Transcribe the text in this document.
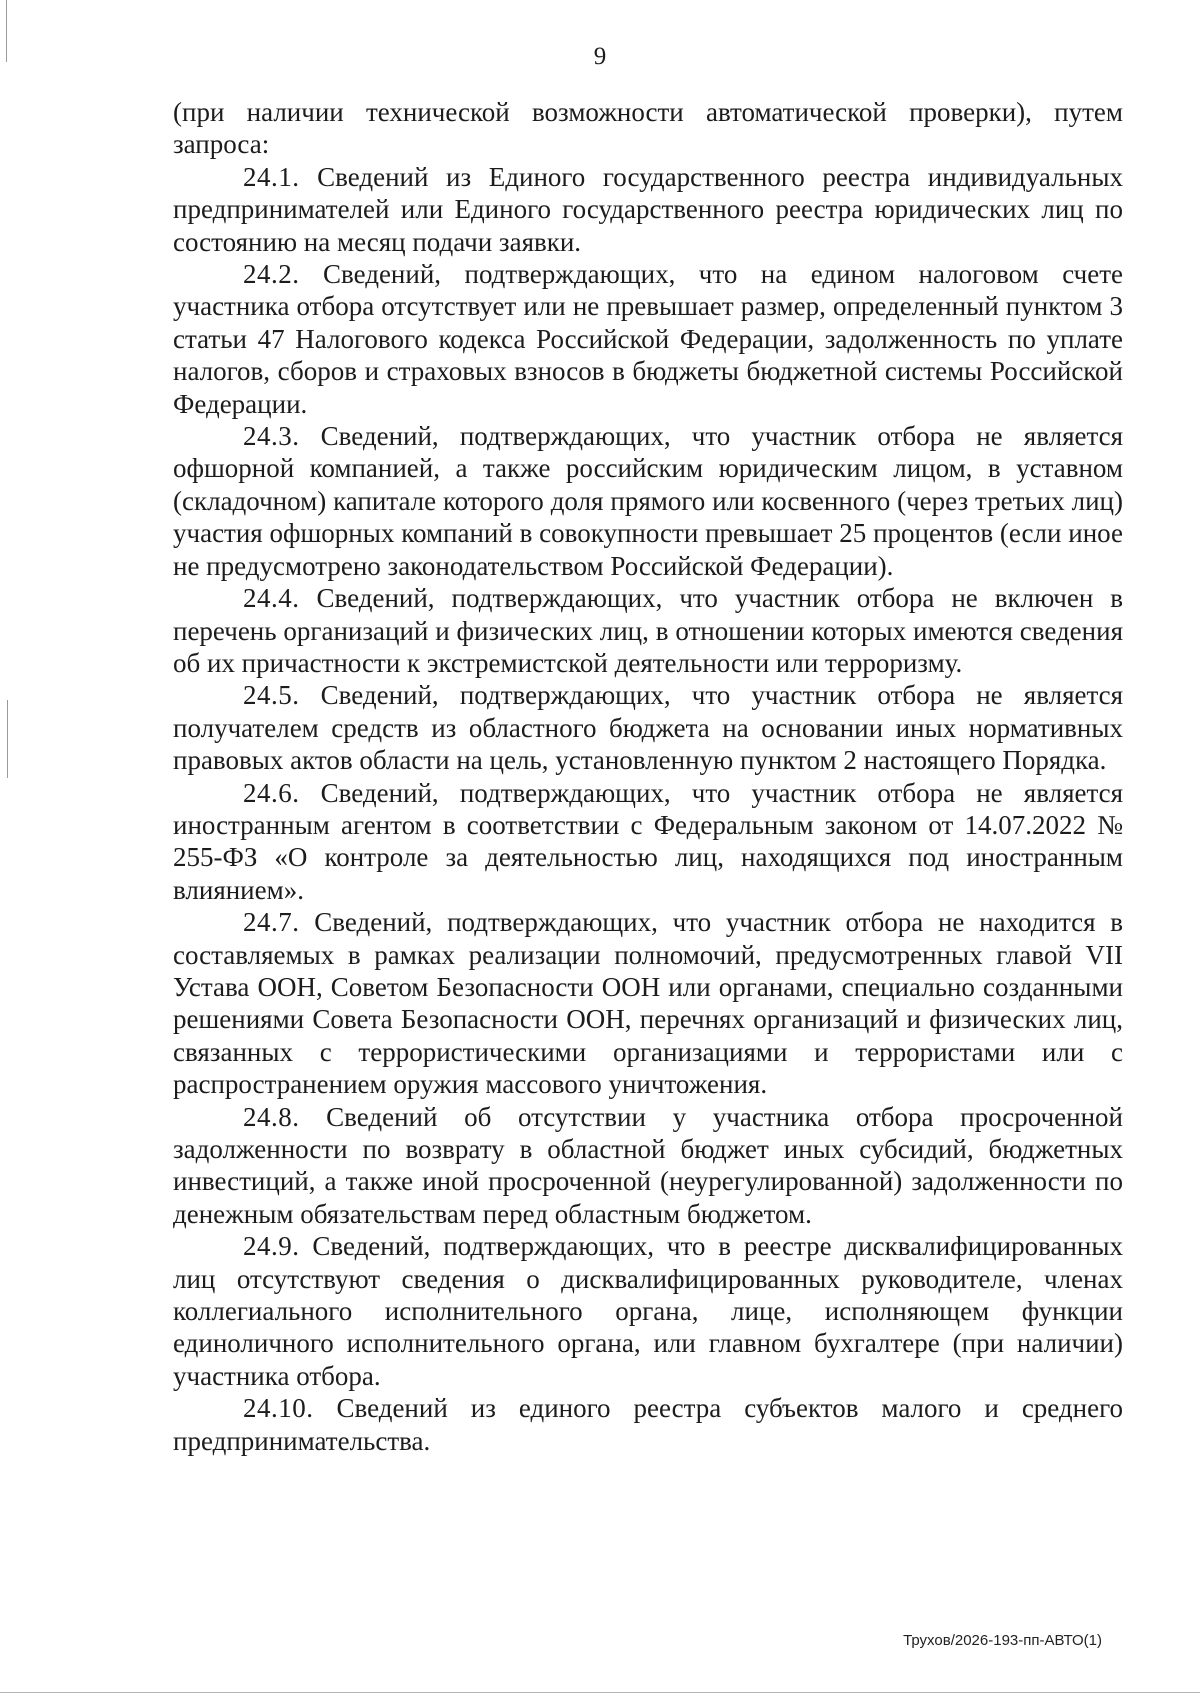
9

(при наличии технической возможности автоматической проверки), путем запроса:

24.1. Сведений из Единого государственного реестра индивидуальных предпринимателей или Единого государственного реестра юридических лиц по состоянию на месяц подачи заявки.

24.2. Сведений, подтверждающих, что на едином налоговом счете участника отбора отсутствует или не превышает размер, определенный пунктом 3 статьи 47 Налогового кодекса Российской Федерации, задолженность по уплате налогов, сборов и страховых взносов в бюджеты бюджетной системы Российской Федерации.

24.3. Сведений, подтверждающих, что участник отбора не является офшорной компанией, а также российским юридическим лицом, в уставном (складочном) капитале которого доля прямого или косвенного (через третьих лиц) участия офшорных компаний в совокупности превышает 25 процентов (если иное не предусмотрено законодательством Российской Федерации).

24.4. Сведений, подтверждающих, что участник отбора не включен в перечень организаций и физических лиц, в отношении которых имеются сведения об их причастности к экстремистской деятельности или терроризму.

24.5. Сведений, подтверждающих, что участник отбора не является получателем средств из областного бюджета на основании иных нормативных правовых актов области на цель, установленную пунктом 2 настоящего Порядка.

24.6. Сведений, подтверждающих, что участник отбора не является иностранным агентом в соответствии с Федеральным законом от 14.07.2022 № 255-ФЗ «О контроле за деятельностью лиц, находящихся под иностранным влиянием».

24.7. Сведений, подтверждающих, что участник отбора не находится в составляемых в рамках реализации полномочий, предусмотренных главой VII Устава ООН, Советом Безопасности ООН или органами, специально созданными решениями Совета Безопасности ООН, перечнях организаций и физических лиц, связанных с террористическими организациями и террористами или с распространением оружия массового уничтожения.

24.8. Сведений об отсутствии у участника отбора просроченной задолженности по возврату в областной бюджет иных субсидий, бюджетных инвестиций, а также иной просроченной (неурегулированной) задолженности по денежным обязательствам перед областным бюджетом.

24.9. Сведений, подтверждающих, что в реестре дисквалифицированных лиц отсутствуют сведения о дисквалифицированных руководителе, членах коллегиального исполнительного органа, лице, исполняющем функции единоличного исполнительного органа, или главном бухгалтере (при наличии) участника отбора.

24.10. Сведений из единого реестра субъектов малого и среднего предпринимательства.

Трухов/2026-193-пп-АВТО(1)
